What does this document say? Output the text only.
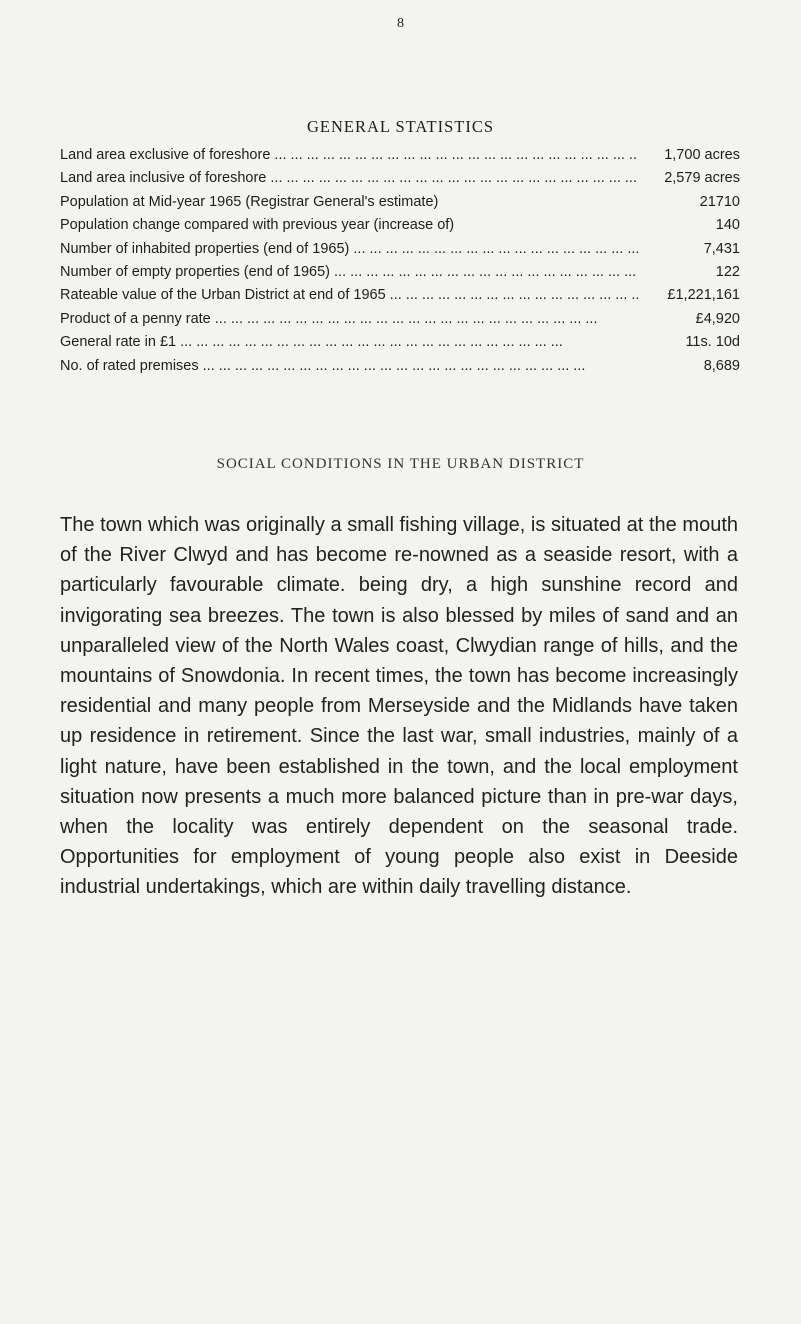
8
GENERAL STATISTICS
Land area exclusive of foreshore ... .	1,700 acres
Land area inclusive of foreshore ... .	2,579 acres
Population at Mid-year 1965 (Registrar General's estimate)	21710
Population change compared with previous year (increase of)	140
Number of inhabited properties (end of 1965) ... .	7,431
Number of empty properties (end of 1965) ... .	122
Rateable value of the Urban District at end of 1965 ... .	£1,221,161
Product of a penny rate ... .	£4,920
General rate in £1 ... .	11s. 10d
No. of rated premises ... .	8,689
SOCIAL CONDITIONS IN THE URBAN DISTRICT

The town which was originally a small fishing village, is situated at the mouth of the River Clwyd and has become re-nowned as a seaside resort, with a particularly favourable climate. being dry, a high sunshine record and invigorating sea breezes. The town is also blessed by miles of sand and an unparalleled view of the North Wales coast, Clwydian range of hills, and the mountains of Snowdonia. In recent times, the town has become increasingly residential and many people from Merseyside and the Midlands have taken up residence in retirement. Since the last war, small industries, mainly of a light nature, have been established in the town, and the local employment situation now presents a much more balanced picture than in pre-war days, when the locality was entirely dependent on the seasonal trade. Opportunities for employment of young people also exist in Deeside industrial undertakings, which are within daily travelling distance.
